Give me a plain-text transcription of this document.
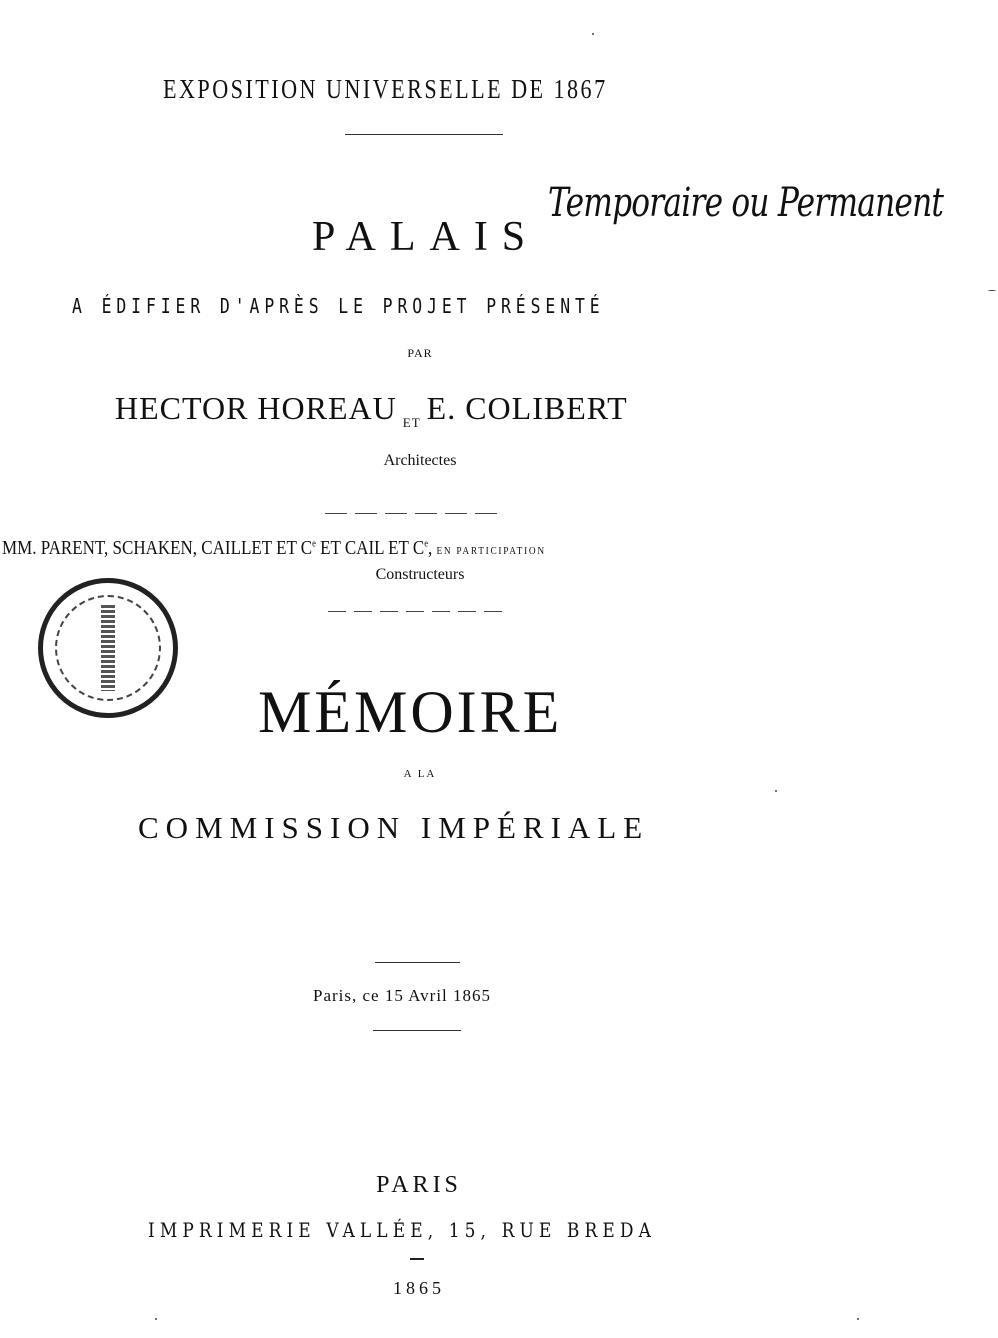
EXPOSITION UNIVERSELLE DE 1867
PALAIS
Temporaire ou Permanent
A ÉDIFIER D'APRÈS LE PROJET PRÉSENTÉ
PAR
HECTOR HOREAU $_{ET}$ E. COLIBERT
Architectes
MM. PARENT, SCHAKEN, CAILLET ET Ce ET CAIL ET Ce, EN PARTICIPATION
Constructeurs
MÉMOIRE
A LA
COMMISSION IMPÉRIALE
Paris, ce 15 Avril 1865
PARIS
IMPRIMERIE VALLÉE, 15, RUE BREDA
1865
